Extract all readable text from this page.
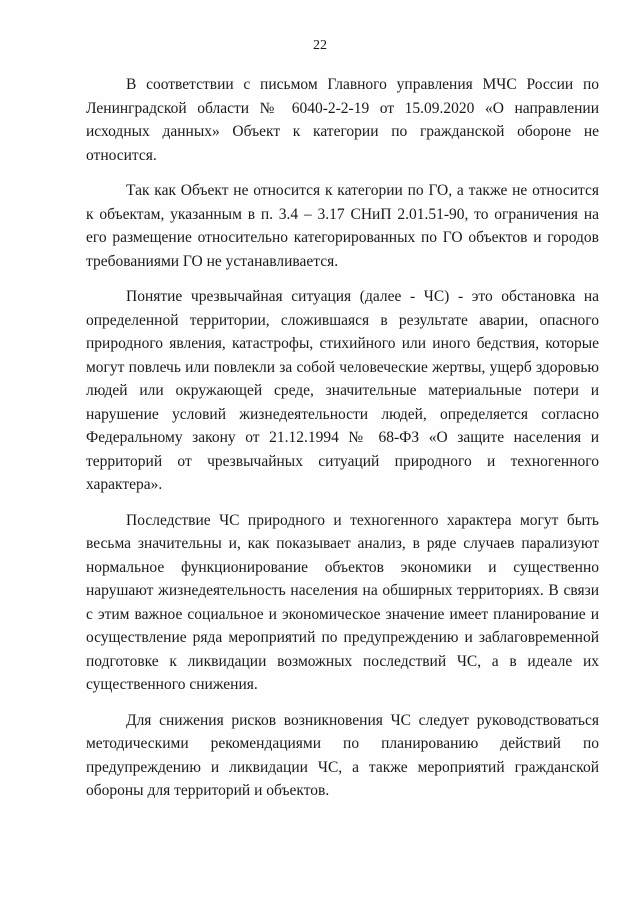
22

В соответствии с письмом Главного управления МЧС России по Ленинградской области № 6040-2-2-19 от 15.09.2020 «О направлении исходных данных» Объект к категории по гражданской обороне не относится.

Так как Объект не относится к категории по ГО, а также не относится к объектам, указанным в п. 3.4 – 3.17 СНиП 2.01.51-90, то ограничения на его размещение относительно категорированных по ГО объектов и городов требованиями ГО не устанавливается.

Понятие чрезвычайная ситуация (далее - ЧС) - это обстановка на определенной территории, сложившаяся в результате аварии, опасного природного явления, катастрофы, стихийного или иного бедствия, которые могут повлечь или повлекли за собой человеческие жертвы, ущерб здоровью людей или окружающей среде, значительные материальные потери и нарушение условий жизнедеятельности людей, определяется согласно Федеральному закону от 21.12.1994 № 68-ФЗ «О защите населения и территорий от чрезвычайных ситуаций природного и техногенного характера».

Последствие ЧС природного и техногенного характера могут быть весьма значительны и, как показывает анализ, в ряде случаев парализуют нормальное функционирование объектов экономики и существенно нарушают жизнедеятельность населения на обширных территориях. В связи с этим важное социальное и экономическое значение имеет планирование и осуществление ряда мероприятий по предупреждению и заблаговременной подготовке к ликвидации возможных последствий ЧС, а в идеале их существенного снижения.

Для снижения рисков возникновения ЧС следует руководствоваться методическими рекомендациями по планированию действий по предупреждению и ликвидации ЧС, а также мероприятий гражданской обороны для территорий и объектов.
